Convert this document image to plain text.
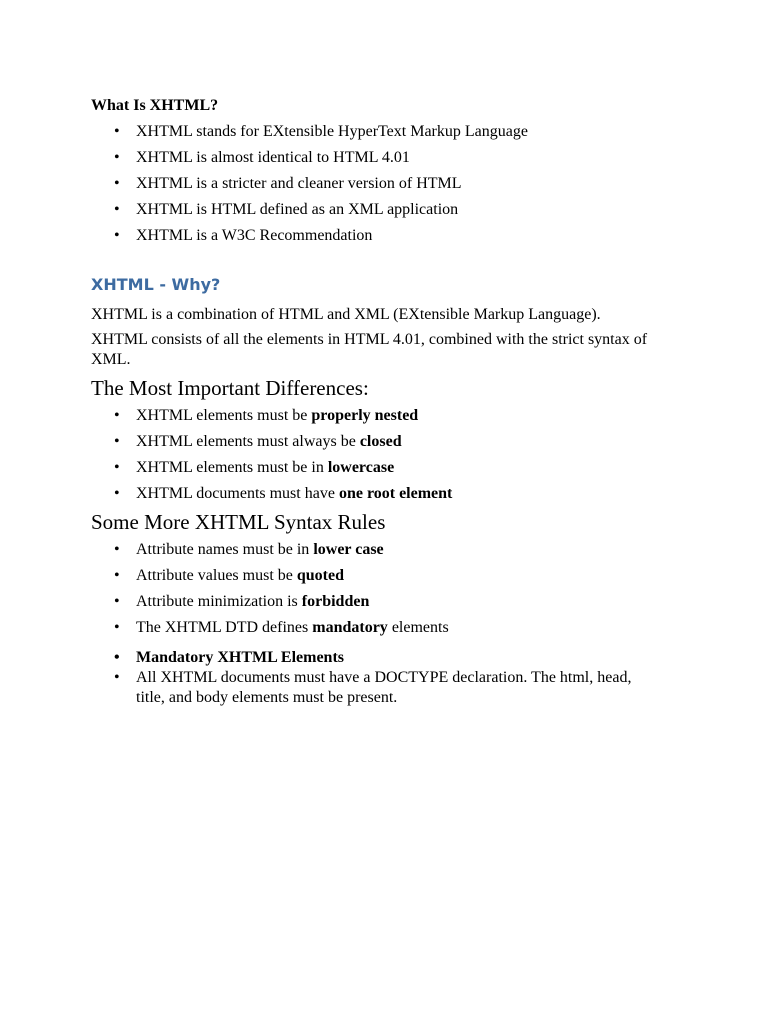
What Is XHTML?
• XHTML stands for EXtensible HyperText Markup Language
• XHTML is almost identical to HTML 4.01
• XHTML is a stricter and cleaner version of HTML
• XHTML is HTML defined as an XML application
• XHTML is a W3C Recommendation
XHTML - Why?
XHTML is a combination of HTML and XML (EXtensible Markup Language).
XHTML consists of all the elements in HTML 4.01, combined with the strict syntax of XML.
The Most Important Differences:
• XHTML elements must be properly nested
• XHTML elements must always be closed
• XHTML elements must be in lowercase
• XHTML documents must have one root element
Some More XHTML Syntax Rules
• Attribute names must be in lower case
• Attribute values must be quoted
• Attribute minimization is forbidden
• The XHTML DTD defines mandatory elements
• Mandatory XHTML Elements
• All XHTML documents must have a DOCTYPE declaration. The html, head, title, and body elements must be present.
